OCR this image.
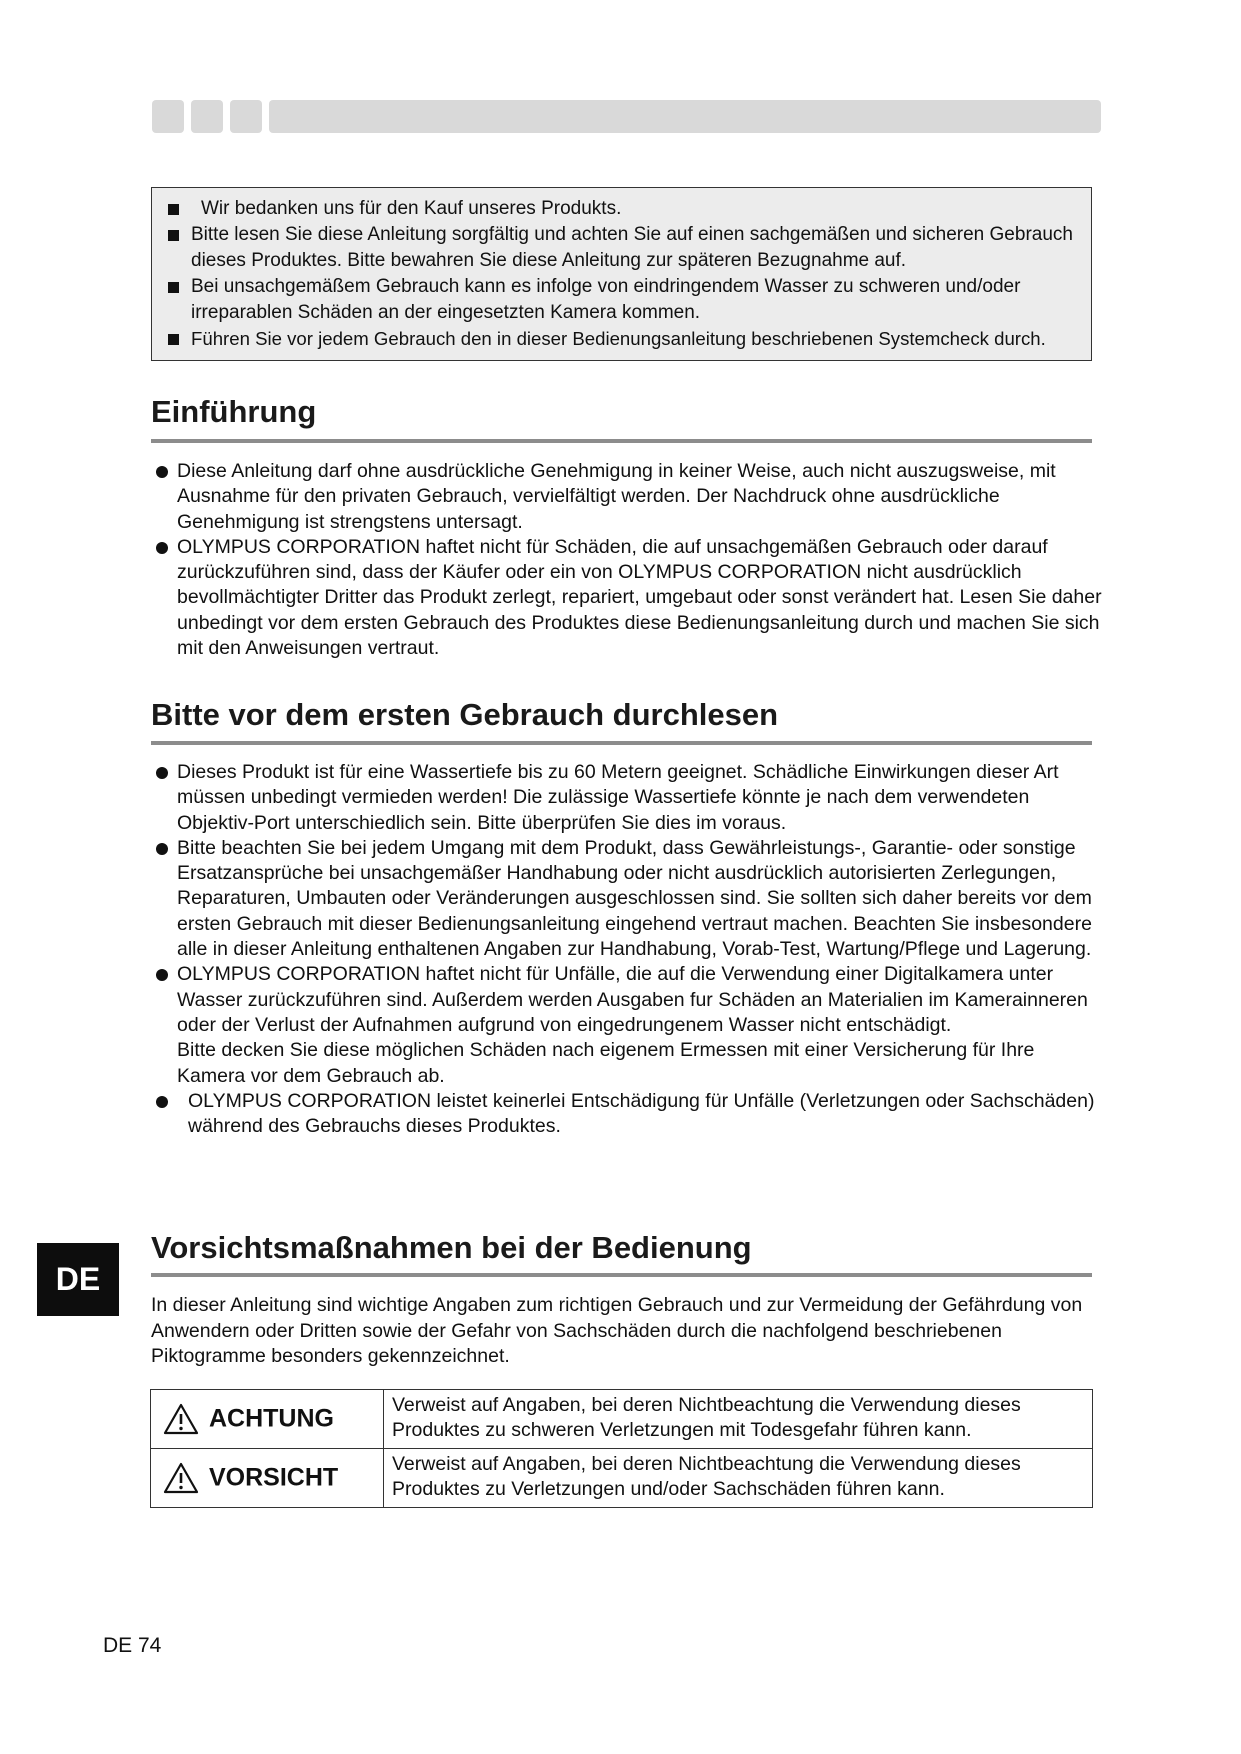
Wir bedanken uns für den Kauf unseres Produkts.
Bitte lesen Sie diese Anleitung sorgfältig und achten Sie auf einen sachgemäßen und sicheren Gebrauch dieses Produktes. Bitte bewahren Sie diese Anleitung zur späteren Bezugnahme auf.
Bei unsachgemäßem Gebrauch kann es infolge von eindringendem Wasser zu schweren und/oder irreparablen Schäden an der eingesetzten Kamera kommen.
Führen Sie vor jedem Gebrauch den in dieser Bedienungsanleitung beschriebenen Systemcheck durch.
Einführung

Diese Anleitung darf ohne ausdrückliche Genehmigung in keiner Weise, auch nicht auszugsweise, mit Ausnahme für den privaten Gebrauch, vervielfältigt werden. Der Nachdruck ohne ausdrückliche Genehmigung ist strengstens untersagt.

OLYMPUS CORPORATION haftet nicht für Schäden, die auf unsachgemäßen Gebrauch oder darauf zurückzuführen sind, dass der Käufer oder ein von OLYMPUS CORPORATION nicht ausdrücklich bevollmächtigter Dritter das Produkt zerlegt, repariert, umgebaut oder sonst verändert hat. Lesen Sie daher unbedingt vor dem ersten Gebrauch des Produktes diese Bedienungsanleitung durch und machen Sie sich mit den Anweisungen vertraut.

Bitte vor dem ersten Gebrauch durchlesen

Dieses Produkt ist für eine Wassertiefe bis zu 60 Metern geeignet. Schädliche Einwirkungen dieser Art müssen unbedingt vermieden werden! Die zulässige Wassertiefe könnte je nach dem verwendeten Objektiv-Port unterschiedlich sein. Bitte überprüfen Sie dies im voraus.

Bitte beachten Sie bei jedem Umgang mit dem Produkt, dass Gewährleistungs-, Garantie- oder sonstige Ersatzansprüche bei unsachgemäßer Handhabung oder nicht ausdrücklich autorisierten Zerlegungen, Reparaturen, Umbauten oder Veränderungen ausgeschlossen sind. Sie sollten sich daher bereits vor dem ersten Gebrauch mit dieser Bedienungsanleitung eingehend vertraut machen. Beachten Sie insbesondere alle in dieser Anleitung enthaltenen Angaben zur Handhabung, Vorab-Test, Wartung/Pflege und Lagerung.

OLYMPUS CORPORATION haftet nicht für Unfälle, die auf die Verwendung einer Digitalkamera unter Wasser zurückzuführen sind. Außerdem werden Ausgaben fur Schäden an Materialien im Kamerainneren oder der Verlust der Aufnahmen aufgrund von eingedrungenem Wasser nicht entschädigt.

Bitte decken Sie diese möglichen Schäden nach eigenem Ermessen mit einer Versicherung für Ihre Kamera vor dem Gebrauch ab.

OLYMPUS CORPORATION leistet keinerlei Entschädigung für Unfälle (Verletzungen oder Sachschäden) während des Gebrauchs dieses Produktes.

DE
Vorsichtsmaßnahmen bei der Bedienung
In dieser Anleitung sind wichtige Angaben zum richtigen Gebrauch und zur Vermeidung der Gefährdung von Anwendern oder Dritten sowie der Gefahr von Sachschäden durch die nachfolgend beschriebenen Piktogramme besonders gekennzeichnet.
ACHTUNG	Verweist auf Angaben, bei deren Nichtbeachtung die Verwendung dieses Produktes zu schweren Verletzungen mit Todesgefahr führen kann.
VORSICHT	Verweist auf Angaben, bei deren Nichtbeachtung die Verwendung dieses Produktes zu Verletzungen und/oder Sachschäden führen kann.
DE 74
